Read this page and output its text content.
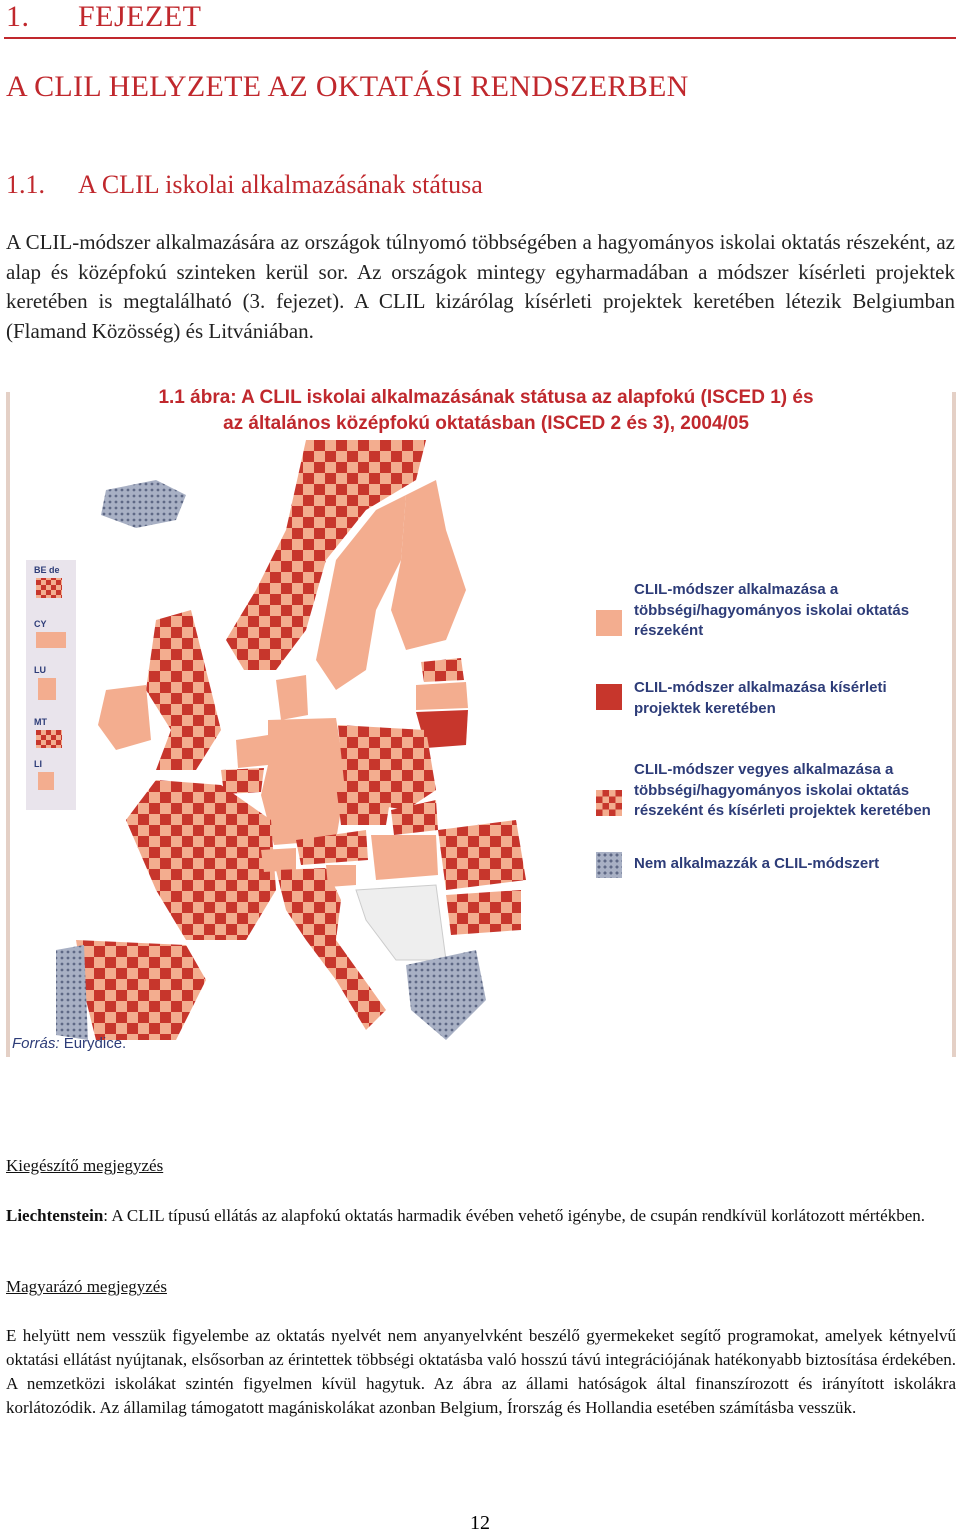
1. FEJEZET
A CLIL HELYZETE AZ OKTATÁSI RENDSZERBEN
1.1. A CLIL iskolai alkalmazásának státusa

A CLIL-módszer alkalmazására az országok túlnyomó többségében a hagyományos iskolai oktatás részeként, az alap és középfokú szinteken kerül sor. Az országok mintegy egyharmadában a módszer kísérleti projektek keretében is megtalálható (3. fejezet). A CLIL kizárólag kísérleti projektek keretében létezik Belgiumban (Flamand Közösség) és Litvániában.

1.1 ábra: A CLIL iskolai alkalmazásának státusa az alapfokú (ISCED 1) és
az általános középfokú oktatásban (ISCED 2 és 3), 2004/05
BE de
CY
LU
MT
LI
CLIL-módszer alkalmazása a többségi/hagyományos iskolai oktatás részeként
CLIL-módszer alkalmazása kísérleti projektek keretében
CLIL-módszer vegyes alkalmazása a többségi/hagyományos iskolai oktatás részeként és kísérleti projektek keretében
Nem alkalmazzák a CLIL-módszert
Forrás: Eurydice.
Kiegészítő megjegyzés
Liechtenstein: A CLIL típusú ellátás az alapfokú oktatás harmadik évében vehető igénybe, de csupán rendkívül korlátozott mértékben.
Magyarázó megjegyzés
E helyütt nem vesszük figyelembe az oktatás nyelvét nem anyanyelvként beszélő gyermekeket segítő programokat, amelyek kétnyelvű oktatási ellátást nyújtanak, elsősorban az érintettek többségi oktatásba való hosszú távú integrációjának hatékonyabb biztosítása érdekében. A nemzetközi iskolákat szintén figyelmen kívül hagytuk. Az ábra az állami hatóságok által finanszírozott és irányított iskolákra korlátozódik. Az államilag támogatott magániskolákat azonban Belgium, Írország és Hollandia esetében számításba vesszük.
12
